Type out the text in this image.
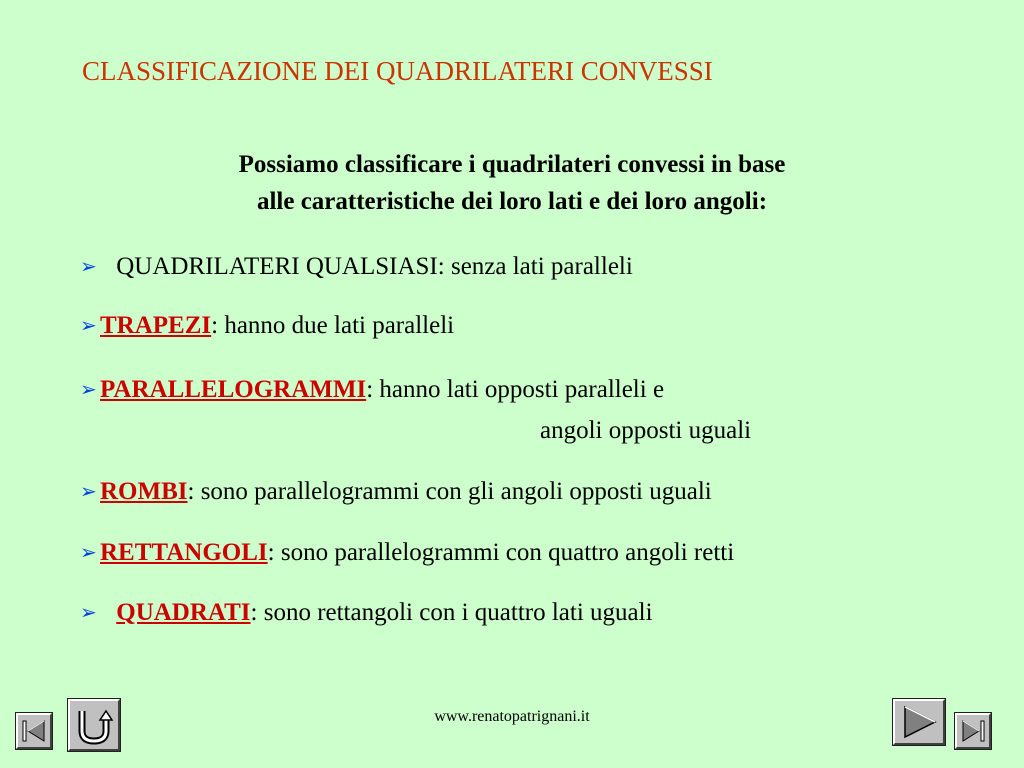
CLASSIFICAZIONE DEI QUADRILATERI CONVESSI
Possiamo classificare i quadrilateri convessi in base
alle caratteristiche dei loro lati e dei loro angoli:
➢ QUADRILATERI QUALSIASI: senza lati paralleli
➢ TRAPEZI: hanno due lati paralleli
➢ PARALLELOGRAMMI: hanno lati opposti paralleli e
angoli opposti uguali
➢ ROMBI: sono parallelogrammi con gli angoli opposti uguali
➢ RETTANGOLI: sono parallelogrammi con quattro angoli retti
➢ QUADRATI: sono rettangoli con i quattro lati uguali
www.renatopatrignani.it
